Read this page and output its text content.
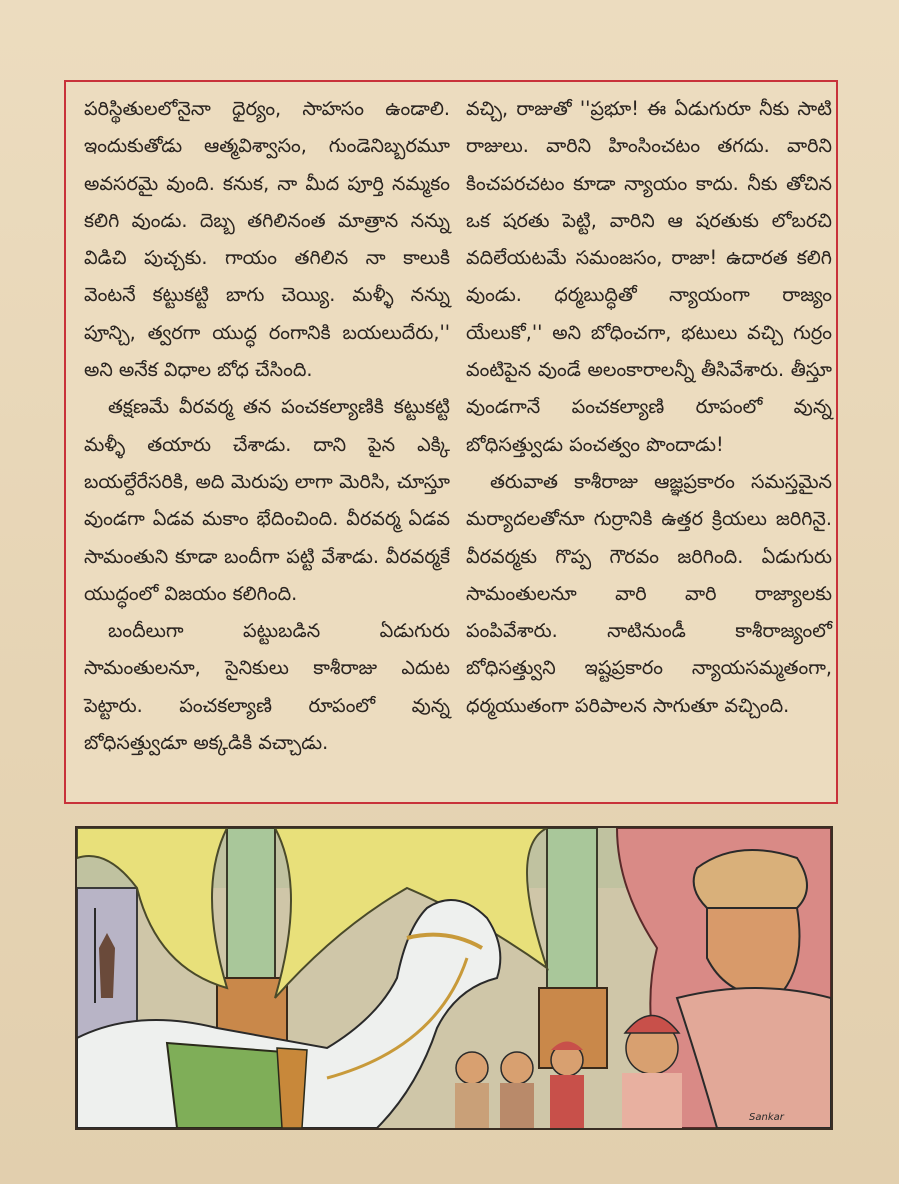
పరిస్థితులలోనైనా ధైర్యం, సాహసం ఉండాలి. ఇందుకుతోడు ఆత్మవిశ్వాసం, గుండెనిబ్బరమూ అవసరమై వుంది. కనుక, నా మీద పూర్తి నమ్మకం కలిగి వుండు. దెబ్బ తగిలినంత మాత్రాన నన్ను విడిచి పుచ్చకు. గాయం తగిలిన నా కాలుకి వెంటనే కట్టుకట్టి బాగు చెయ్యి. మళ్ళీ నన్ను పూన్చి, త్వరగా యుద్ధ రంగానికి బయలుదేరు,'' అని అనేక విధాల బోధ చేసింది.

తక్షణమే వీరవర్మ తన పంచకల్యాణికి కట్టుకట్టి మళ్ళీ తయారు చేశాడు. దాని పైన ఎక్కి బయల్దేరేసరికి, అది మెరుపు లాగా మెరిసి, చూస్తూ వుండగా ఏడవ మకాం భేదించింది. వీరవర్మ ఏడవ సామంతుని కూడా బందీగా పట్టి వేశాడు. వీరవర్మకే యుద్ధంలో విజయం కలిగింది.

బందీలుగా పట్టుబడిన ఏడుగురు సామంతులనూ, సైనికులు కాశీరాజు ఎదుట పెట్టారు. పంచకల్యాణి రూపంలో వున్న బోధిసత్త్వుడూ అక్కడికి వచ్చాడు.

వచ్చి, రాజుతో ''ప్రభూ! ఈ ఏడుగురూ నీకు సాటి రాజులు. వారిని హింసించటం తగదు. వారిని కించపరచటం కూడా న్యాయం కాదు. నీకు తోచిన ఒక షరతు పెట్టి, వారిని ఆ షరతుకు లోబరచి వదిలేయటమే సమంజసం, రాజా! ఉదారత కలిగి వుండు. ధర్మబుద్ధితో న్యాయంగా రాజ్యం యేలుకో,'' అని బోధించగా, భటులు వచ్చి గుర్రం వంటిపైన వుండే అలంకారాలన్నీ తీసివేశారు. తీస్తూ వుండగానే పంచకల్యాణి రూపంలో వున్న బోధిసత్త్వుడు పంచత్వం పొందాడు!

తరువాత కాశీరాజు ఆజ్ఞప్రకారం సమస్తమైన మర్యాదలతోనూ గుర్రానికి ఉత్తర క్రియలు జరిగినై. వీరవర్మకు గొప్ప గౌరవం జరిగింది. ఏడుగురు సామంతులనూ వారి వారి రాజ్యాలకు పంపివేశారు. నాటినుండీ కాశీరాజ్యంలో బోధిసత్త్వుని ఇష్టప్రకారం న్యాయసమ్మతంగా, ధర్మయుతంగా పరిపాలన సాగుతూ వచ్చింది.

Sankar
